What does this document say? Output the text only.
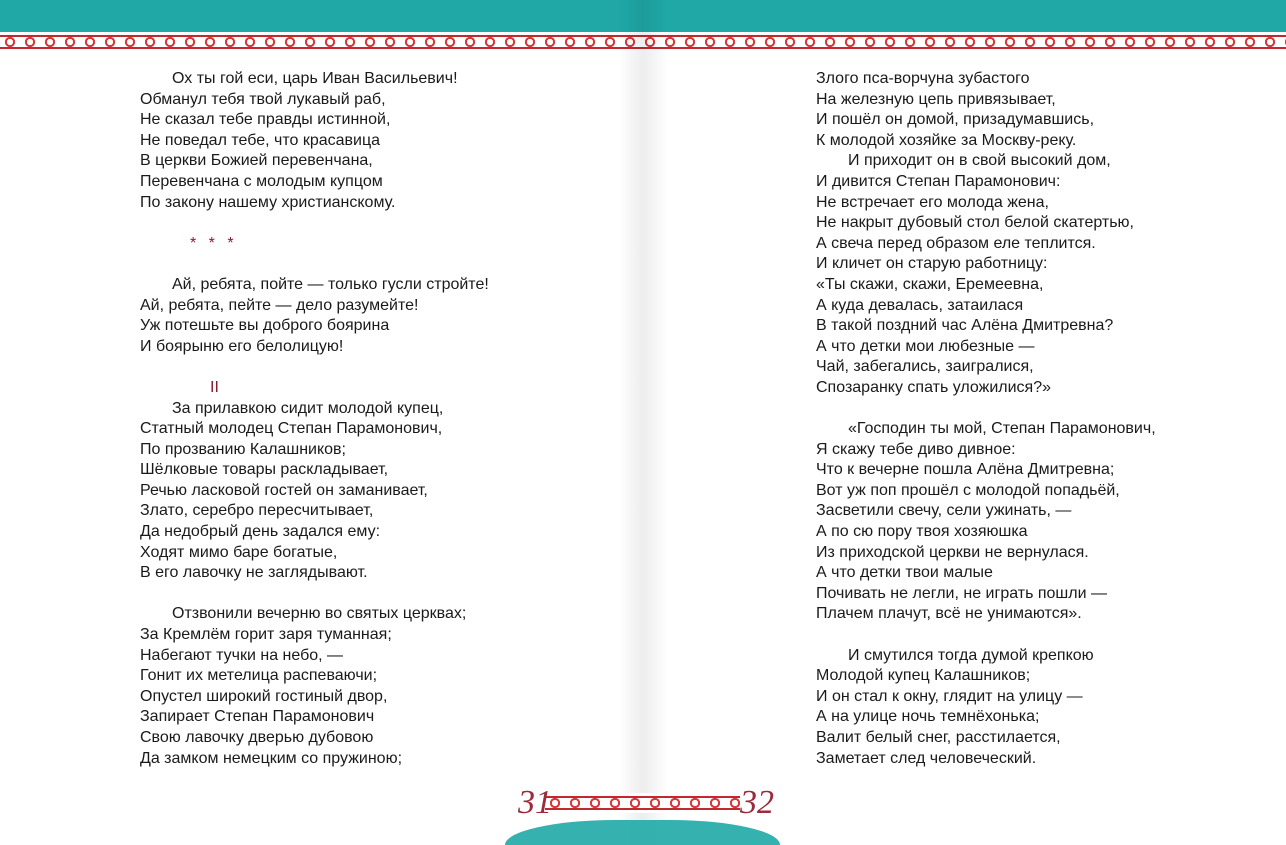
Ох ты гой еси, царь Иван Васильевич!
Обманул тебя твой лукавый раб,
Не сказал тебе правды истинной,
Не поведал тебе, что красавица
В церкви Божией перевенчана,
Перевенчана с молодым купцом
По закону нашему христианскому.
* * *
Ай, ребята, пойте — только гусли стройте!
Ай, ребята, пейте — дело разумейте!
Уж потешьте вы доброго боярина
И боярыню его белолицую!
II
За прилавкою сидит молодой купец,
Статный молодец Степан Парамонович,
По прозванию Калашников;
Шёлковые товары раскладывает,
Речью ласковой гостей он заманивает,
Злато, серебро пересчитывает,
Да недобрый день задался ему:
Ходят мимо баре богатые,
В его лавочку не заглядывают.
Отзвонили вечерню во святых церквах;
За Кремлём горит заря туманная;
Набегают тучки на небо, —
Гонит их метелица распеваючи;
Опустел широкий гостиный двор,
Запирает Степан Парамонович
Свою лавочку дверью дубовою
Да замком немецким со пружиною;
Злого пса-ворчуна зубастого
На железную цепь привязывает,
И пошёл он домой, призадумавшись,
К молодой хозяйке за Москву-реку.
И приходит он в свой высокий дом,
И дивится Степан Парамонович:
Не встречает его молода жена,
Не накрыт дубовый стол белой скатертью,
А свеча перед образом еле теплится.
И кличет он старую работницу:
«Ты скажи, скажи, Еремеевна,
А куда девалась, затаилася
В такой поздний час Алёна Дмитревна?
А что детки мои любезные —
Чай, забегались, заигралися,
Спозаранку спать уложилися?»
«Господин ты мой, Степан Парамонович,
Я скажу тебе диво дивное:
Что к вечерне пошла Алёна Дмитревна;
Вот уж поп прошёл с молодой попадьёй,
Засветили свечу, сели ужинать, —
А по сю пору твоя хозяюшка
Из приходской церкви не вернулася.
А что детки твои малые
Почивать не легли, не играть пошли —
Плачем плачут, всё не унимаются».
И смутился тогда думой крепкою
Молодой купец Калашников;
И он стал к окну, глядит на улицу —
А на улице ночь темнёхонька;
Валит белый снег, расстилается,
Заметает след человеческий.
31	32
